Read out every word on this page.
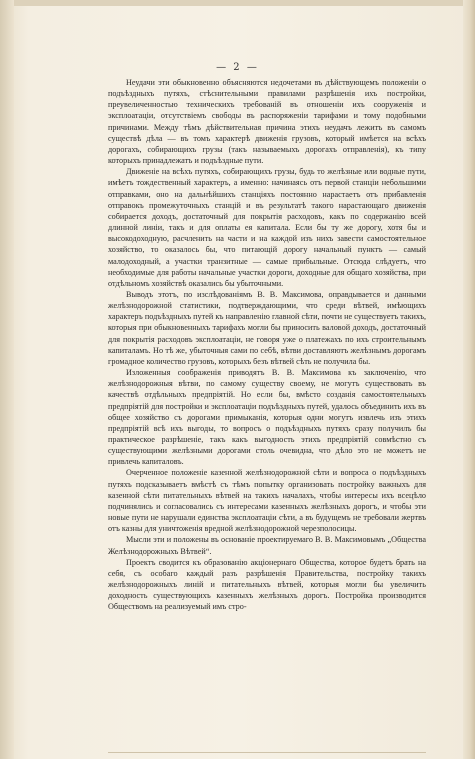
— 2 —

Неудачи эти обыкновенно объясняются недочетами въ дѣйствующемъ положеніи о подъѣздныхъ путяхъ, стѣснительными правилами разрѣшенія ихъ постройки, преувеличенностью техническихъ требованій въ отношеніи ихъ сооруженія и эксплоатаціи, отсутствіемъ свободы въ распоряженіи тарифами и тому подобными причинами. Между тѣмъ дѣйствительная причина этихъ неудачъ лежитъ въ самомъ существѣ дѣла — въ томъ характерѣ движенія грузовъ, который имѣется на всѣхъ дорогахъ, собирающихъ грузы (такъ называемыхъ дорогахъ отправленія), къ типу которыхъ принадлежатъ и подъѣздные пути.

Движеніе на всѣхъ путяхъ, собирающихъ грузы, будь то желѣзные или водные пути, имѣетъ тождественный характеръ, а именно: начинаясь отъ первой станціи небольшими отправками, оно на дальнѣйшихъ станціяхъ постоянно нарастаетъ отъ прибавленія отправокъ промежуточныхъ станцій и въ результатѣ такого нарастающаго движенія собирается доходъ, достаточный для покрытія расходовъ, какъ по содержанію всей длинной линіи, такъ и для оплаты ея капитала. Если бы ту же дорогу, хотя бы и высокодоходную, расчленить на части и на каждой изъ нихъ завести самостоятельное хозяйство, то оказалось бы, что питающій дорогу начальный пунктъ — самый малодоходный, а участки транзитные — самые прибыльные. Отсюда слѣдуетъ, что необходимые для работы начальные участки дороги, доходные для общаго хозяйства, при отдѣльномъ хозяйствѣ оказались бы убыточными.

Выводъ этотъ, по изслѣдованіямъ В. В. Максимова, оправдывается и данными желѣзнодорожной статистики, подтверждающими, что среди вѣтвей, имѣющихъ характеръ подъѣздныхъ путей къ направленію главной сѣти, почти не существуетъ такихъ, которыя при обыкновенныхъ тарифахъ могли бы приносить валовой доходъ, достаточный для покрытія расходовъ эксплоатаціи, не говоря уже о платежахъ по ихъ строительнымъ капиталамъ. Но тѣ же, убыточныя сами по себѣ, вѣтви доставляютъ желѣзнымъ дорогамъ громадное количество грузовъ, которыхъ безъ вѣтвей сѣть не получила бы.

Изложенныя соображенія приводятъ В. В. Максимова къ заключенію, что желѣзнодорожныя вѣтви, по самому существу своему, не могутъ существовать въ качествѣ отдѣльныхъ предпріятій. Но если бы, вмѣсто созданія самостоятельныхъ предпріятій для постройки и эксплоатаціи подъѣздныхъ путей, удалось объединить ихъ въ общее хозяйство съ дорогами примыканія, которыя одни могутъ извлечь изъ этихъ предпріятій всѣ ихъ выгоды, то вопросъ о подъѣздныхъ путяхъ сразу получилъ бы практическое разрѣшеніе, такъ какъ выгодность этихъ предпріятій совмѣстно съ существующими желѣзными дорогами столь очевидна, что дѣло это не можетъ не привлечь капиталовъ.

Очерченное положеніе казенной желѣзнодорожной сѣти и вопроса о подъѣздныхъ путяхъ подсказываетъ вмѣстѣ съ тѣмъ попытку организовать постройку важныхъ для казенной сѣти питательныхъ вѣтвей на такихъ началахъ, чтобы интересы ихъ всецѣло подчинялись и согласовались съ интересами казенныхъ желѣзныхъ дорогъ, и чтобы эти новые пути не нарушали единства эксплоатаціи сѣти, а въ будущемъ не требовали жертвъ отъ казны для уничтоженія вредной желѣзнодорожной черезполосицы.

Мысли эти и положены въ основаніе проектируемаго В. В. Максимовымъ „Общества Желѣзнодорожныхъ Вѣтвей“.

Проектъ сводится къ образованію акціонернаго Общества, которое будетъ брать на себя, съ особаго каждый разъ разрѣшенія Правительства, постройку такихъ желѣзнодорожныхъ линій и питательныхъ вѣтвей, которыя могли бы увеличить доходность существующихъ казенныхъ желѣзныхъ дорогъ. Постройка производится Обществомъ на реализуемый имъ стро-
